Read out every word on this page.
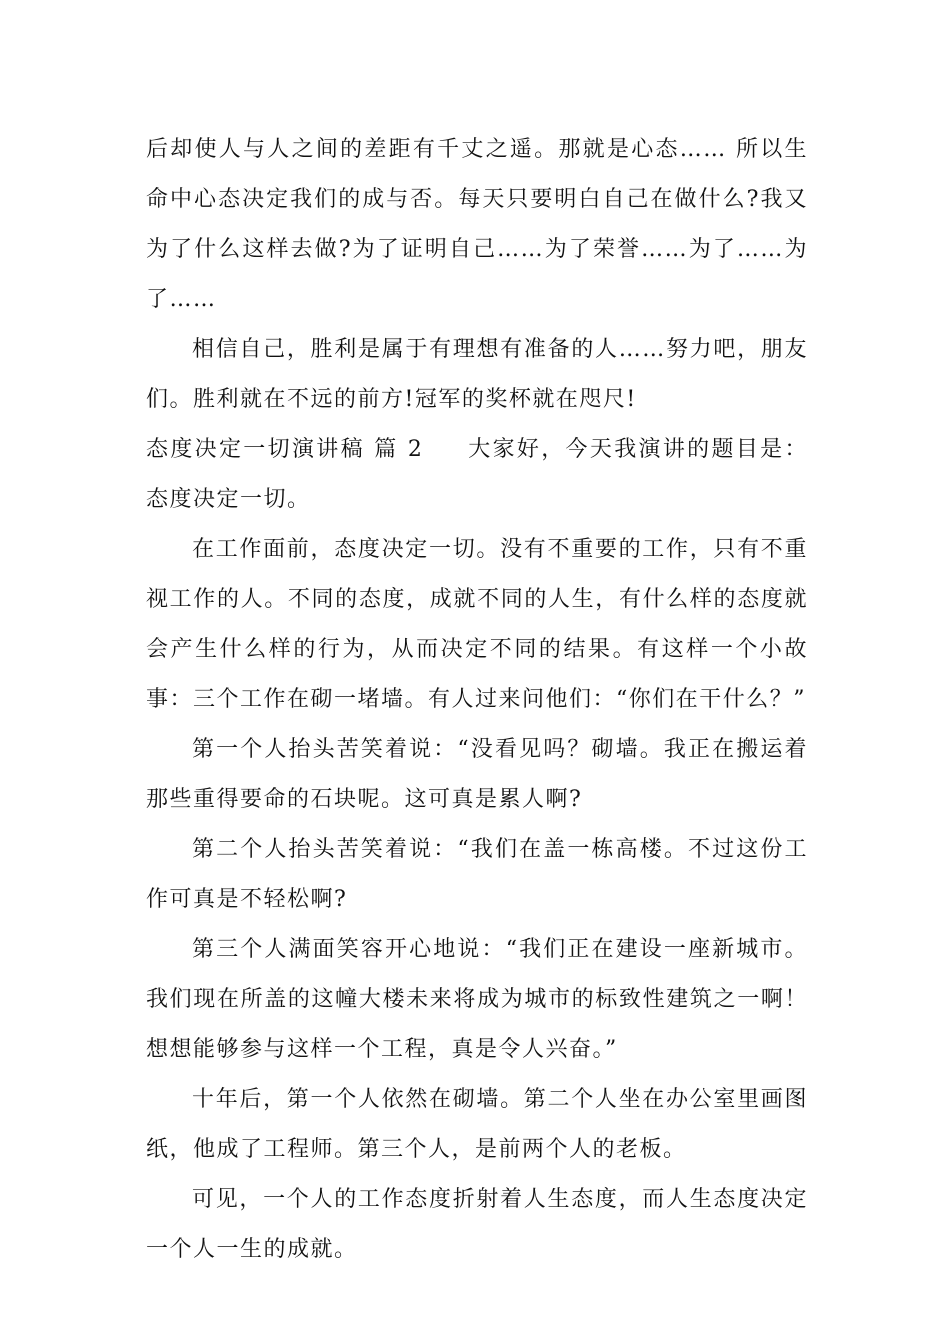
后却使人与人之间的差距有千丈之遥。那就是心态…… 所以生命中心态决定我们的成与否。每天只要明白自己在做什么?我又为了什么这样去做?为了证明自己……为了荣誉……为了……为了……

相信自己，胜利是属于有理想有准备的人……努力吧，朋友们。胜利就在不远的前方!冠军的奖杯就在咫尺!

态度决定一切演讲稿 篇 2 大家好，今天我演讲的题目是：态度决定一切。

在工作面前，态度决定一切。没有不重要的工作，只有不重视工作的人。不同的态度，成就不同的人生，有什么样的态度就会产生什么样的行为，从而决定不同的结果。有这样一个小故事：三个工作在砌一堵墙。有人过来问他们：“你们在干什么？”

第一个人抬头苦笑着说：“没看见吗？砌墙。我正在搬运着那些重得要命的石块呢。这可真是累人啊?

第二个人抬头苦笑着说：“我们在盖一栋高楼。不过这份工作可真是不轻松啊?

第三个人满面笑容开心地说：“我们正在建设一座新城市。我们现在所盖的这幢大楼未来将成为城市的标致性建筑之一啊！想想能够参与这样一个工程，真是令人兴奋。”

十年后，第一个人依然在砌墙。第二个人坐在办公室里画图纸，他成了工程师。第三个人，是前两个人的老板。

可见，一个人的工作态度折射着人生态度，而人生态度决定一个人一生的成就。
